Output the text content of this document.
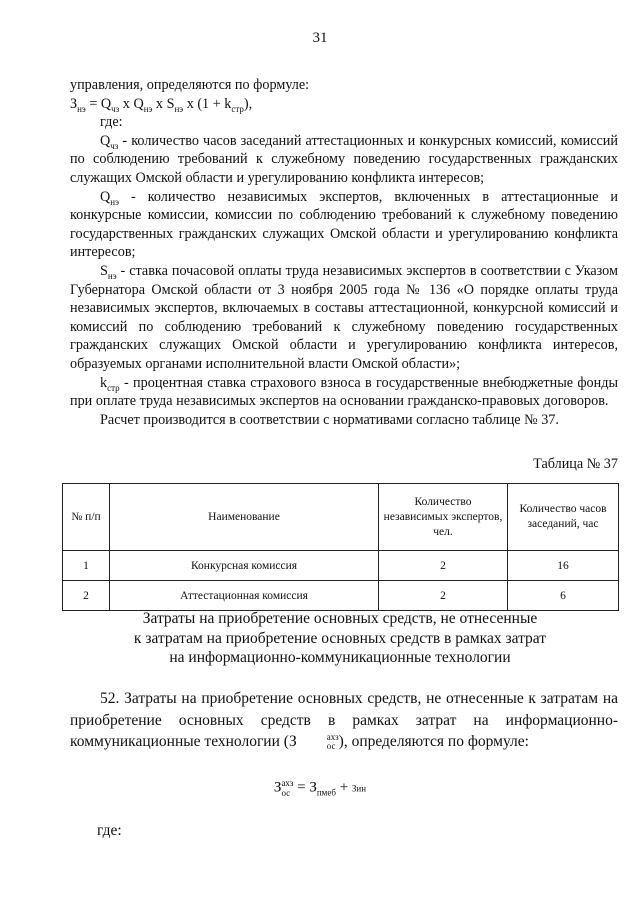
31

управления, определяются по формуле:

$З_{нэ} = Q_{чз}$ х $Q_{нэ}$ х $S_{нэ}$ х $(1 + k_{стр})$,

где:

$Q_{чз}$ - количество часов заседаний аттестационных и конкурсных комиссий, комиссий по соблюдению требований к служебному поведению государственных гражданских служащих Омской области и урегулированию конфликта интересов;

$Q_{нэ}$ - количество независимых экспертов, включенных в аттестационные и конкурсные комиссии, комиссии по соблюдению требований к служебному поведению государственных гражданских служащих Омской области и урегулированию конфликта интересов;

$S_{нэ}$ - ставка почасовой оплаты труда независимых экспертов в соответствии с Указом Губернатора Омской области от 3 ноября 2005 года № 136 «О порядке оплаты труда независимых экспертов, включаемых в составы аттестационной, конкурсной комиссий и комиссий по соблюдению требований к служебному поведению государственных гражданских служащих Омской области и урегулированию конфликта интересов, образуемых органами исполнительной власти Омской области»;

$k_{стр}$ - процентная ставка страхового взноса в государственные внебюджетные фонды при оплате труда независимых экспертов на основании гражданско-правовых договоров.

Расчет производится в соответствии с нормативами согласно таблице № 37.

Таблица № 37
№ п/п	Наименование	Количество независимых экспертов, чел.	Количество часов заседаний, час
1	Конкурсная комиссия	2	16
2	Аттестационная комиссия	2	6
Затраты на приобретение основных средств, не отнесенные
к затратам на приобретение основных средств в рамках затрат
на информационно-коммуникационные технологии

52. Затраты на приобретение основных средств, не отнесенные к затратам на приобретение основных средств в рамках затрат на информационно-коммуникационные технологии (З	ахз
ос ), определяются по формуле:

З ахз
ос = $З_{пмеб}$ + Зин
где:
